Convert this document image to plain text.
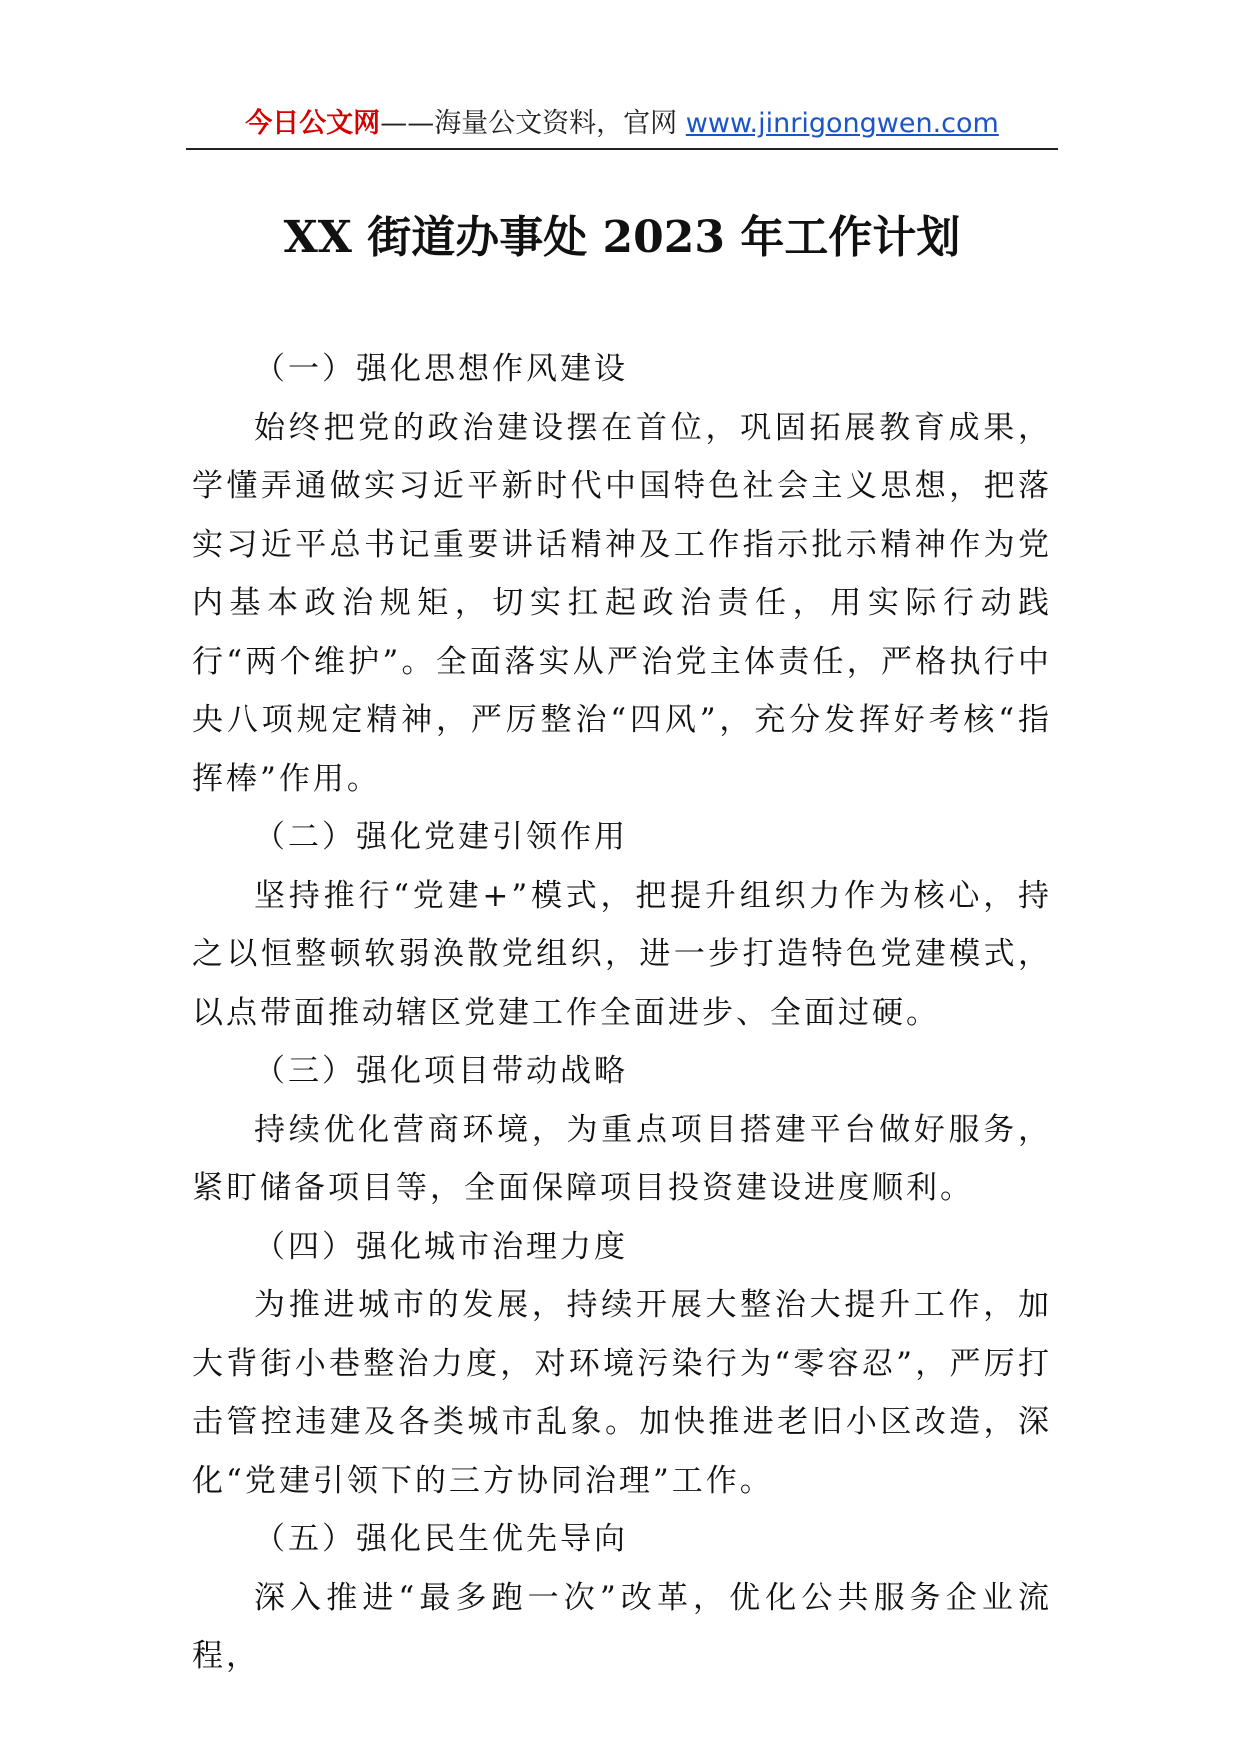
今日公文网——海量公文资料，官网 www.jinrigongwen.com
XX 街道办事处 2023 年工作计划

（一）强化思想作风建设

始终把党的政治建设摆在首位，巩固拓展教育成果，学懂弄通做实习近平新时代中国特色社会主义思想，把落实习近平总书记重要讲话精神及工作指示批示精神作为党内基本政治规矩，切实扛起政治责任，用实际行动践行“两个维护”。全面落实从严治党主体责任，严格执行中央八项规定精神，严厉整治“四风”，充分发挥好考核“指挥棒”作用。

（二）强化党建引领作用

坚持推行“党建+”模式，把提升组织力作为核心，持之以恒整顿软弱涣散党组织，进一步打造特色党建模式，以点带面推动辖区党建工作全面进步、全面过硬。

（三）强化项目带动战略

持续优化营商环境，为重点项目搭建平台做好服务，紧盯储备项目等，全面保障项目投资建设进度顺利。

（四）强化城市治理力度

为推进城市的发展，持续开展大整治大提升工作，加大背街小巷整治力度，对环境污染行为“零容忍”，严厉打击管控违建及各类城市乱象。加快推进老旧小区改造，深化“党建引领下的三方协同治理”工作。

（五）强化民生优先导向

深入推进“最多跑一次”改革，优化公共服务企业流程，
